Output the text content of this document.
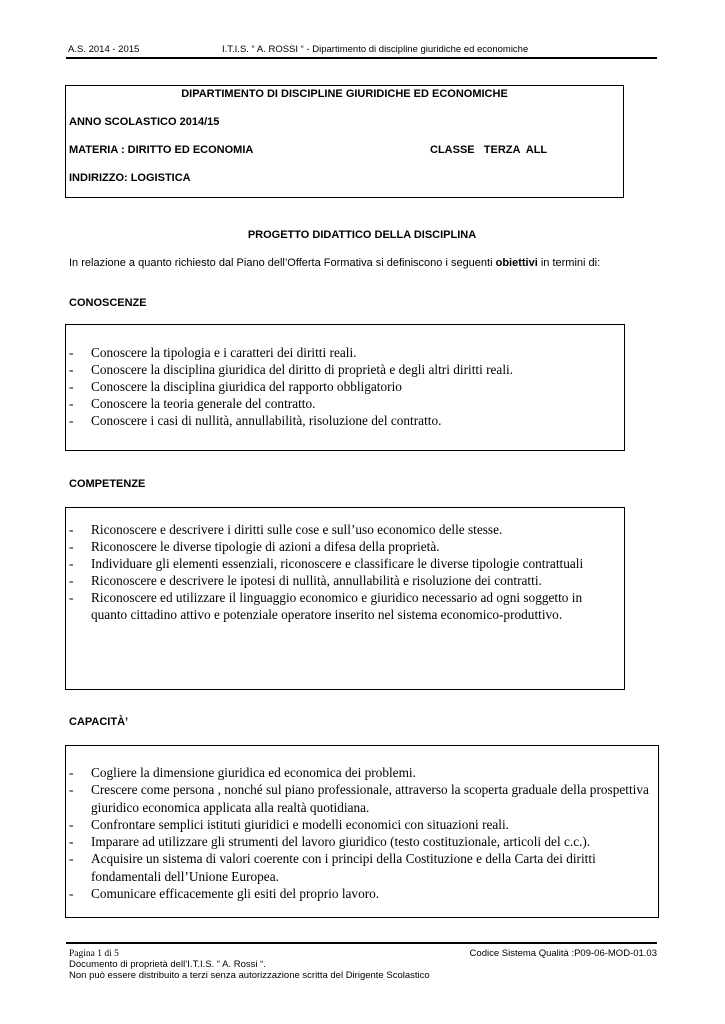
A.S. 2014 - 2015	I.T.I.S. “ A. ROSSI “ - Dipartimento di discipline giuridiche ed economiche
DIPARTIMENTO DI DISCIPLINE GIURIDICHE ED ECONOMICHE
ANNO SCOLASTICO 2014/15
MATERIA : DIRITTO ED ECONOMIA	CLASSE   TERZA  ALL
INDIRIZZO: LOGISTICA
PROGETTO DIDATTICO DELLA DISCIPLINA
In relazione a quanto richiesto dal Piano dell’Offerta Formativa si definiscono i seguenti obiettivi in termini di:
CONOSCENZE
- Conoscere la tipologia e i caratteri dei diritti reali.
- Conoscere la disciplina giuridica del diritto di proprietà e degli altri diritti reali.
- Conoscere la disciplina giuridica del rapporto obbligatorio
- Conoscere la teoria generale del contratto.
- Conoscere i casi di nullità, annullabilità, risoluzione del contratto.
COMPETENZE
- Riconoscere e descrivere i diritti sulle cose e sull’uso economico delle stesse.
- Riconoscere le diverse tipologie di azioni a difesa della proprietà.
- Individuare gli elementi essenziali, riconoscere e classificare le diverse tipologie contrattuali
- Riconoscere e descrivere le ipotesi di nullità, annullabilità e risoluzione dei contratti.
- Riconoscere ed utilizzare il linguaggio economico e giuridico necessario ad ogni soggetto in quanto cittadino attivo e potenziale operatore inserito nel sistema economico-produttivo.
CAPACITÀ’
- Cogliere la dimensione giuridica ed economica dei problemi.
- Crescere come persona , nonché sul piano professionale, attraverso la scoperta graduale della prospettiva giuridico economica applicata alla realtà quotidiana.
- Confrontare semplici istituti giuridici e modelli economici con situazioni reali.
- Imparare ad utilizzare gli strumenti del lavoro giuridico (testo costituzionale, articoli del c.c.).
- Acquisire un sistema di valori coerente con i principi della Costituzione e della Carta dei diritti fondamentali dell’Unione Europea.
- Comunicare efficacemente gli esiti del proprio lavoro.
Pagina 1 di 5	Codice Sistema Qualità :P09-06-MOD-01.03
Documento di proprietà dell’I.T.I.S. “ A. Rossi “.
Non può essere distribuito a terzi senza autorizzazione scritta del Dirigente Scolastico
